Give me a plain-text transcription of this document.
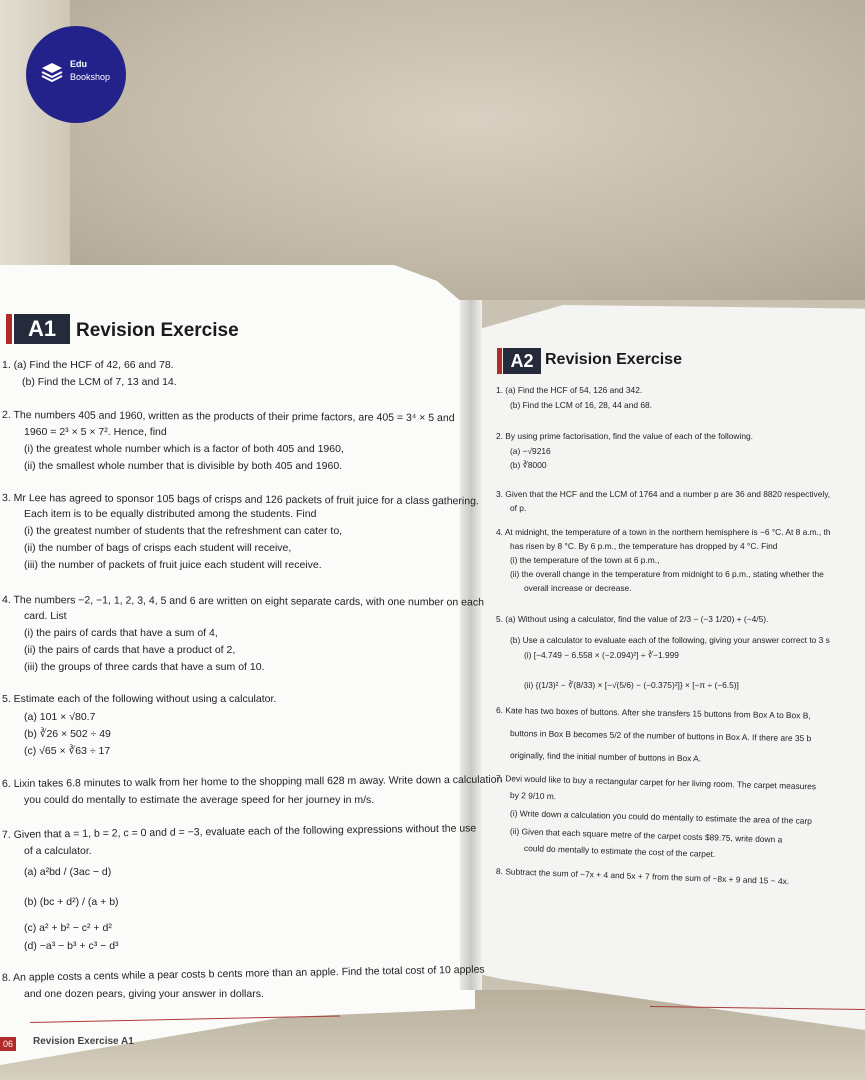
Edu
Bookshop
A1	Revision Exercise
A2 Revision Exercise
1. (a) Find the HCF of 42, 66 and 78.
(b) Find the LCM of 7, 13 and 14.
2. The numbers 405 and 1960, written as the products of their prime factors, are 405 = 3⁴ × 5 and
1960 = 2³ × 5 × 7². Hence, find
(i) the greatest whole number which is a factor of both 405 and 1960,
(ii) the smallest whole number that is divisible by both 405 and 1960.
3. Mr Lee has agreed to sponsor 105 bags of crisps and 126 packets of fruit juice for a class gathering.
Each item is to be equally distributed among the students. Find
(i) the greatest number of students that the refreshment can cater to,
(ii) the number of bags of crisps each student will receive,
(iii) the number of packets of fruit juice each student will receive.
4. The numbers −2, −1, 1, 2, 3, 4, 5 and 6 are written on eight separate cards, with one number on each
card. List
(i) the pairs of cards that have a sum of 4,
(ii) the pairs of cards that have a product of 2,
(iii) the groups of three cards that have a sum of 10.
5. Estimate each of the following without using a calculator.
(a) 101 × √80.7
(b) ∛26 × 502 ÷ 49
(c) √65 × ∛63 ÷ 17
6. Lixin takes 6.8 minutes to walk from her home to the shopping mall 628 m away. Write down a calculation
you could do mentally to estimate the average speed for her journey in m/s.
7. Given that a = 1, b = 2, c = 0 and d = −3, evaluate each of the following expressions without the use
of a calculator.
(a) a²bd / (3ac − d)
(b) (bc + d²) / (a + b)
(c) a² + b² − c² + d²
(d) −a³ − b³ + c³ − d³
8. An apple costs a cents while a pear costs b cents more than an apple. Find the total cost of 10 apples
and one dozen pears, giving your answer in dollars.
06	Revision Exercise A1
1. (a) Find the HCF of 54, 126 and 342.
(b) Find the LCM of 16, 28, 44 and 68.
2. By using prime factorisation, find the value of each of the following.
(a) −√9216
(b) ∛8000
3. Given that the HCF and the LCM of 1764 and a number p are 36 and 8820 respectively,
of p.
4. At midnight, the temperature of a town in the northern hemisphere is −6 °C. At 8 a.m., th
has risen by 8 °C. By 6 p.m., the temperature has dropped by 4 °C. Find
(i) the temperature of the town at 6 p.m.,
(ii) the overall change in the temperature from midnight to 6 p.m., stating whether the
overall increase or decrease.
5. (a) Without using a calculator, find the value of 2/3 − (−3 1/20) + (−4/5).
(b) Use a calculator to evaluate each of the following, giving your answer correct to 3 s
(i) [−4.749 − 6.558 × (−2.094)²] ÷ ∛−1.999
(ii) {(1/3)² − ∛(8/33) × [−√(5/6) − (−0.375)²]} × [−π ÷ (−6.5)]
6. Kate has two boxes of buttons. After she transfers 15 buttons from Box A to Box B,
buttons in Box B becomes 5/2 of the number of buttons in Box A. If there are 35 b
originally, find the initial number of buttons in Box A.
7. Devi would like to buy a rectangular carpet for her living room. The carpet measures
by 2 9/10 m.
(i) Write down a calculation you could do mentally to estimate the area of the carp
(ii) Given that each square metre of the carpet costs $89.75, write down a
could do mentally to estimate the cost of the carpet.
8. Subtract the sum of −7x + 4 and 5x + 7 from the sum of −8x + 9 and 15 − 4x.
